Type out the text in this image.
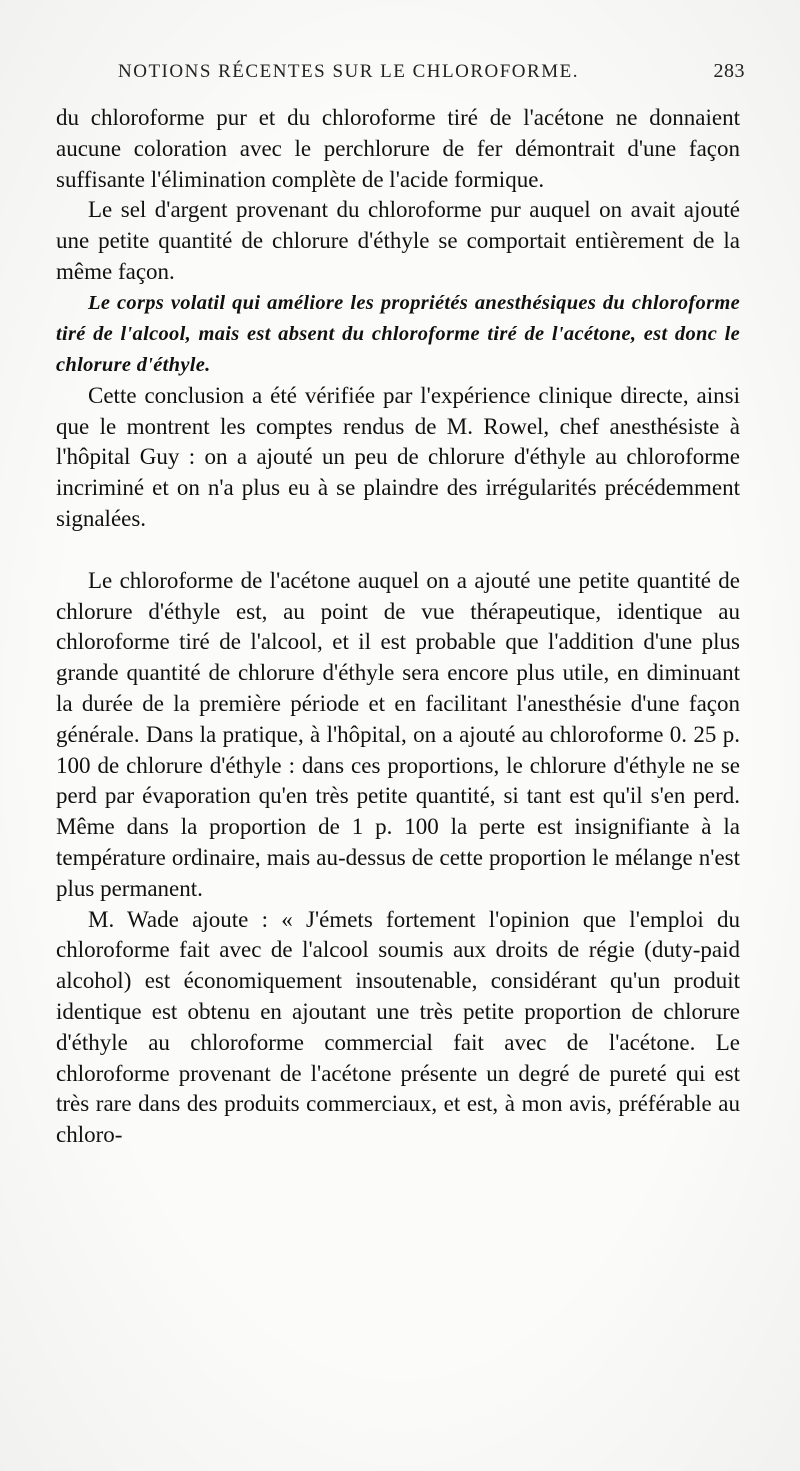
NOTIONS RÉCENTES SUR LE CHLOROFORME.	283

du chloroforme pur et du chloroforme tiré de l'acétone ne donnaient aucune coloration avec le perchlorure de fer démontrait d'une façon suffisante l'élimination complète de l'acide formique.

Le sel d'argent provenant du chloroforme pur auquel on avait ajouté une petite quantité de chlorure d'éthyle se comportait entièrement de la même façon.

Le corps volatil qui améliore les propriétés anesthésiques du chloroforme tiré de l'alcool, mais est absent du chloroforme tiré de l'acétone, est donc le chlorure d'éthyle.

Cette conclusion a été vérifiée par l'expérience clinique directe, ainsi que le montrent les comptes rendus de M. Rowel, chef anesthésiste à l'hôpital Guy : on a ajouté un peu de chlorure d'éthyle au chloroforme incriminé et on n'a plus eu à se plaindre des irrégularités précédemment signalées.

Le chloroforme de l'acétone auquel on a ajouté une petite quantité de chlorure d'éthyle est, au point de vue thérapeutique, identique au chloroforme tiré de l'alcool, et il est probable que l'addition d'une plus grande quantité de chlorure d'éthyle sera encore plus utile, en diminuant la durée de la première période et en facilitant l'anesthésie d'une façon générale. Dans la pratique, à l'hôpital, on a ajouté au chloroforme 0. 25 p. 100 de chlorure d'éthyle : dans ces proportions, le chlorure d'éthyle ne se perd par évaporation qu'en très petite quantité, si tant est qu'il s'en perd. Même dans la proportion de 1 p. 100 la perte est insignifiante à la température ordinaire, mais au-dessus de cette proportion le mélange n'est plus permanent.

M. Wade ajoute : « J'émets fortement l'opinion que l'emploi du chloroforme fait avec de l'alcool soumis aux droits de régie (duty-paid alcohol) est économiquement insoutenable, considérant qu'un produit identique est obtenu en ajoutant une très petite proportion de chlorure d'éthyle au chloroforme commercial fait avec de l'acétone. Le chloroforme provenant de l'acétone présente un degré de pureté qui est très rare dans des produits commerciaux, et est, à mon avis, préférable au chloro-
